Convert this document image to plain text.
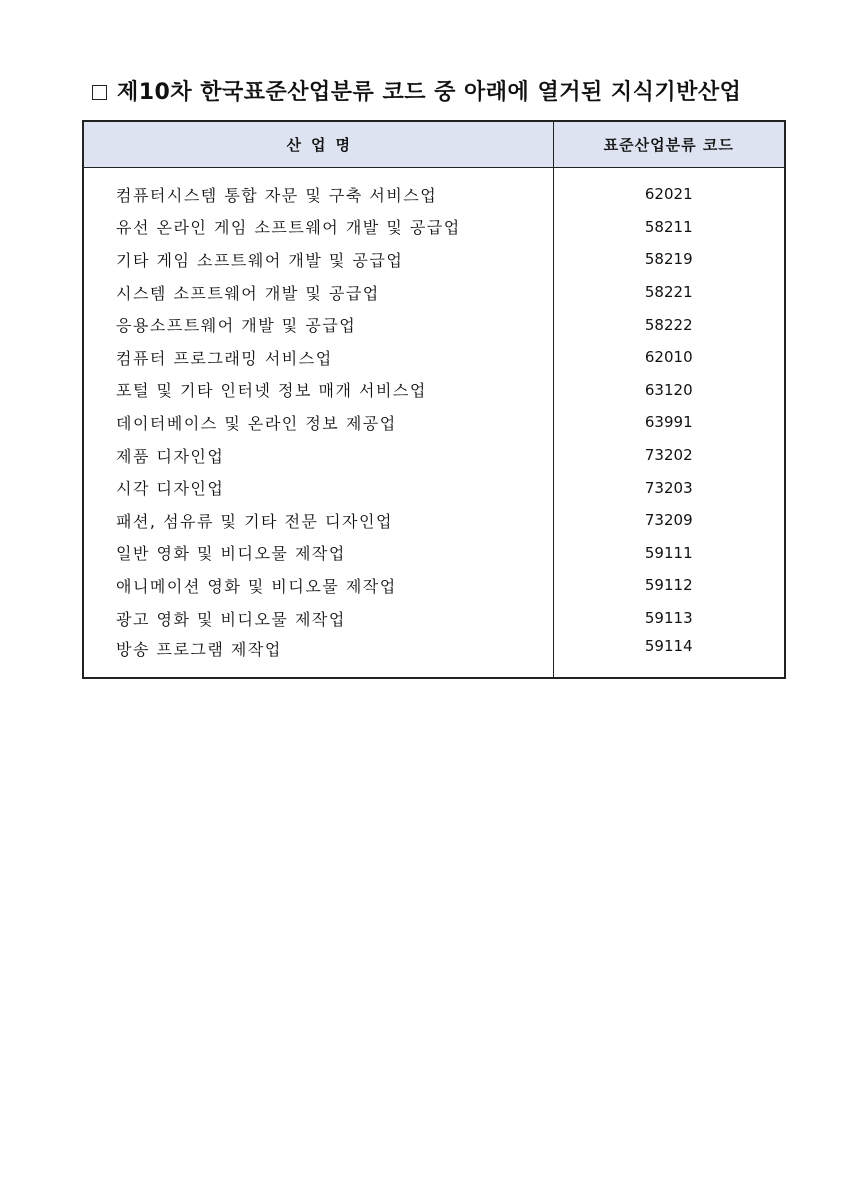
제10차 한국표준산업분류 코드 중 아래에 열거된 지식기반산업
산업명	표준산업분류 코드

컴퓨터시스템 통합 자문 및 구축 서비스업	62021
유선 온라인 게임 소프트웨어 개발 및 공급업	58211
기타 게임 소프트웨어 개발 및 공급업	58219
시스템 소프트웨어 개발 및 공급업	58221
응용소프트웨어 개발 및 공급업	58222
컴퓨터 프로그래밍 서비스업	62010
포털 및 기타 인터넷 정보 매개 서비스업	63120
데이터베이스 및 온라인 정보 제공업	63991
제품 디자인업	73202
시각 디자인업	73203
패션, 섬유류 및 기타 전문 디자인업	73209
일반 영화 및 비디오물 제작업	59111
애니메이션 영화 및 비디오물 제작업	59112
광고 영화 및 비디오물 제작업	59113
방송 프로그램 제작업	59114
